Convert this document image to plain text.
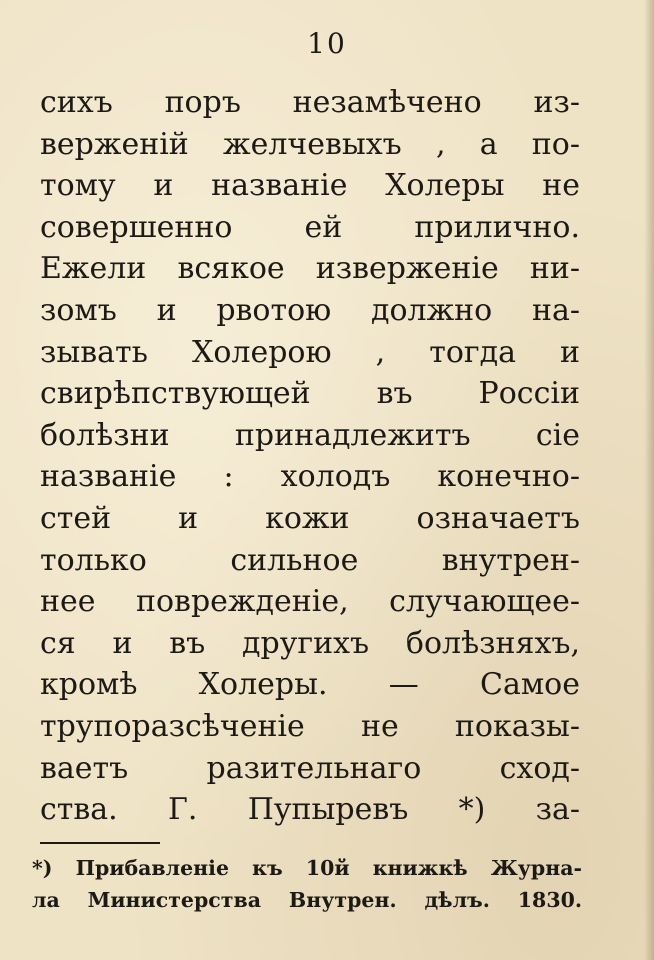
10
сихъ поръ незамѣчено из-
верженій желчевыхъ , а по-
тому и названіе Холеры не
совершенно ей прилично.
Ежели всякое изверженіе ни-
зомъ и рвотою должно на-
зывать Холерою , тогда и
свирѣпствующей въ Россіи
болѣзни принадлежитъ сіе
названіе : холодъ конечно-
стей и кожи означаетъ
только сильное внутрен-
нее поврежденіе, случающее-
ся и въ другихъ болѣзняхъ,
кромѣ Холеры. — Самое
трупоразсѣченіе не показы-
ваетъ разительнаго сход-
ства. Г. Пупыревъ *) за-
*) Прибавленіе къ 10й книжкѣ Журна-
ла Министерства Внутрен. дѣлъ. 1830.
